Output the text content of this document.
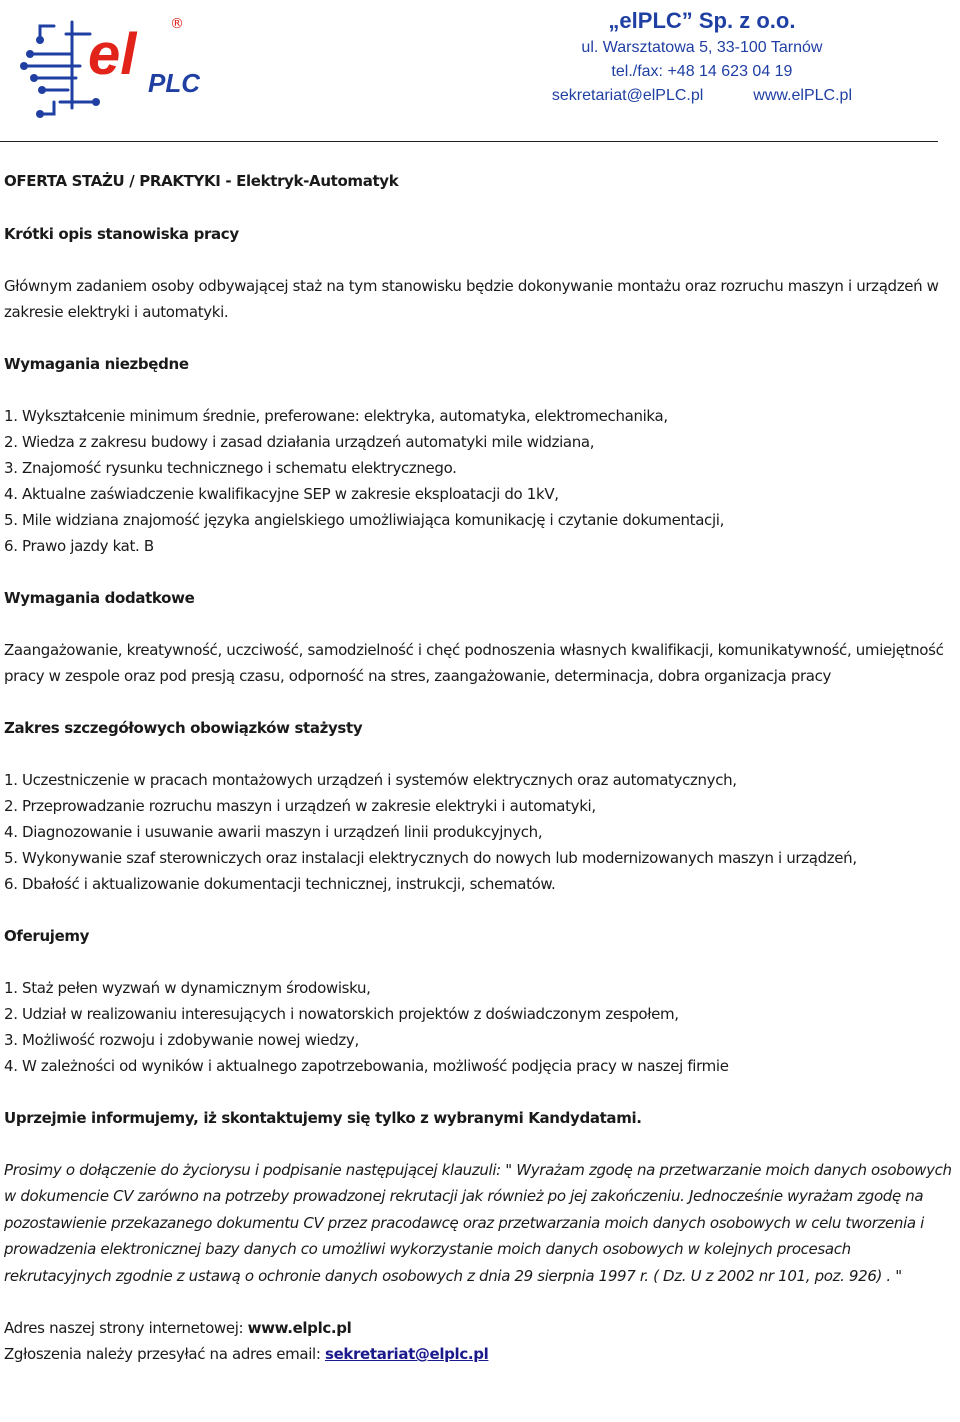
el PLC
®	„elPLC” Sp. z o.o.
ul. Warsztatowa 5, 33-100 Tarnów
tel./fax: +48 14 623 04 19
sekretariat@elPLC.pl	www.elPLC.pl

OFERTA STAŻU / PRAKTYKI - Elektryk-Automatyk

Krótki opis stanowiska pracy

Głównym zadaniem osoby odbywającej staż na tym stanowisku będzie dokonywanie montażu oraz rozruchu maszyn i urządzeń w zakresie elektryki i automatyki.

Wymagania niezbędne

1. Wykształcenie minimum średnie, preferowane: elektryka, automatyka, elektromechanika,
2. Wiedza z zakresu budowy i zasad działania urządzeń automatyki mile widziana,
3. Znajomość rysunku technicznego i schematu elektrycznego.
4. Aktualne zaświadczenie kwalifikacyjne SEP w zakresie eksploatacji do 1kV,
5. Mile widziana znajomość języka angielskiego umożliwiająca komunikację i czytanie dokumentacji,
6. Prawo jazdy kat. B

Wymagania dodatkowe

Zaangażowanie, kreatywność, uczciwość, samodzielność i chęć podnoszenia własnych kwalifikacji, komunikatywność, umiejętność pracy w zespole oraz pod presją czasu, odporność na stres, zaangażowanie, determinacja, dobra organizacja pracy

Zakres szczegółowych obowiązków stażysty

1. Uczestniczenie w pracach montażowych urządzeń i systemów elektrycznych oraz automatycznych,
2. Przeprowadzanie rozruchu maszyn i urządzeń w zakresie elektryki i automatyki,
4. Diagnozowanie i usuwanie awarii maszyn i urządzeń linii produkcyjnych,
5. Wykonywanie szaf sterowniczych oraz instalacji elektrycznych do nowych lub modernizowanych maszyn i urządzeń,
6. Dbałość i aktualizowanie dokumentacji technicznej, instrukcji, schematów.

Oferujemy

1. Staż pełen wyzwań w dynamicznym środowisku,
2. Udział w realizowaniu interesujących i nowatorskich projektów z doświadczonym zespołem,
3. Możliwość rozwoju i zdobywanie nowej wiedzy,
4. W zależności od wyników i aktualnego zapotrzebowania, możliwość podjęcia pracy w naszej firmie

Uprzejmie informujemy, iż skontaktujemy się tylko z wybranymi Kandydatami.

Prosimy o dołączenie do życiorysu i podpisanie następującej klauzuli: " Wyrażam zgodę na przetwarzanie moich danych osobowych w dokumencie CV zarówno na potrzeby prowadzonej rekrutacji jak również po jej zakończeniu. Jednocześnie wyrażam zgodę na pozostawienie przekazanego dokumentu CV przez pracodawcę oraz przetwarzania moich danych osobowych w celu tworzenia i prowadzenia elektronicznej bazy danych co umożliwi wykorzystanie moich danych osobowych w kolejnych procesach rekrutacyjnych zgodnie z ustawą o ochronie danych osobowych z dnia 29 sierpnia 1997 r. ( Dz. U z 2002 nr 101, poz. 926) . "

Adres naszej strony internetowej: www.elplc.pl

Zgłoszenia należy przesyłać na adres email: sekretariat@elplc.pl
